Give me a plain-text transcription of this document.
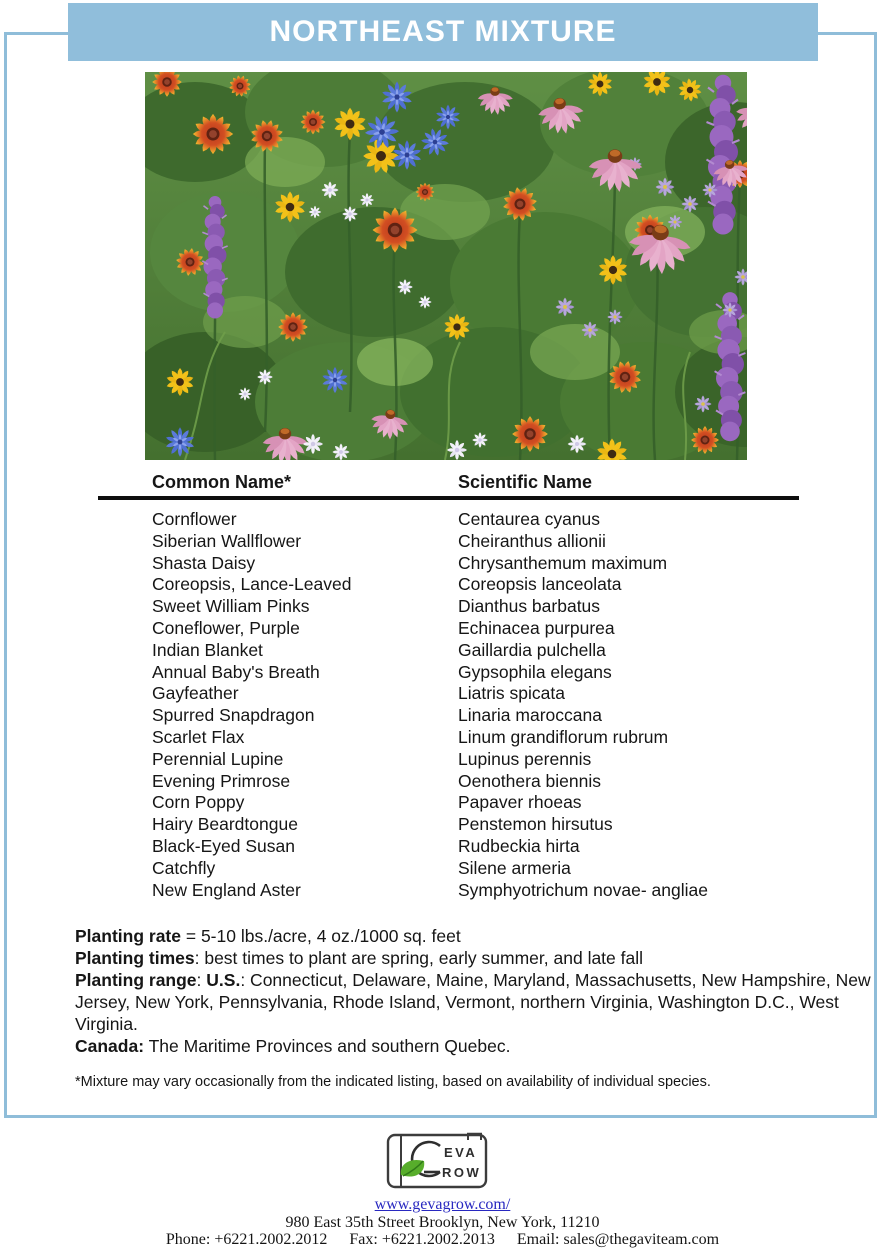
NORTHEAST MIXTURE
Common Name*	Scientific Name
Cornflower	Centaurea cyanus
Siberian Wallflower	Cheiranthus allionii
Shasta Daisy	Chrysanthemum maximum
Coreopsis, Lance-Leaved	Coreopsis lanceolata
Sweet William Pinks	Dianthus barbatus
Coneflower, Purple	Echinacea purpurea
Indian Blanket	Gaillardia pulchella
Annual Baby's Breath	Gypsophila elegans
Gayfeather	Liatris spicata
Spurred Snapdragon	Linaria maroccana
Scarlet Flax	Linum grandiflorum rubrum
Perennial Lupine	Lupinus perennis
Evening Primrose	Oenothera biennis
Corn Poppy	Papaver rhoeas
Hairy Beardtongue	Penstemon hirsutus
Black-Eyed Susan	Rudbeckia hirta
Catchfly	Silene armeria
New England Aster	Symphyotrichum novae- angliae
Planting rate = 5-10 lbs./acre, 4 oz./1000 sq. feet
Planting times: best times to plant are spring, early summer, and late fall
Planting range: U.S.: Connecticut, Delaware, Maine, Maryland, Massachusetts, New Hampshire, New Jersey, New York, Pennsylvania, Rhode Island, Vermont, northern Virginia, Washington D.C., West Virginia.
Canada: The Maritime Provinces and southern Quebec.
*Mixture may vary occasionally from the indicated listing, based on availability of individual species.
EVA
ROW
www.gevagrow.com/
980 East 35th Street Brooklyn, New York, 11210
Phone: +6221.2002.2012 Fax: +6221.2002.2013 Email: sales@thegaviteam.com
